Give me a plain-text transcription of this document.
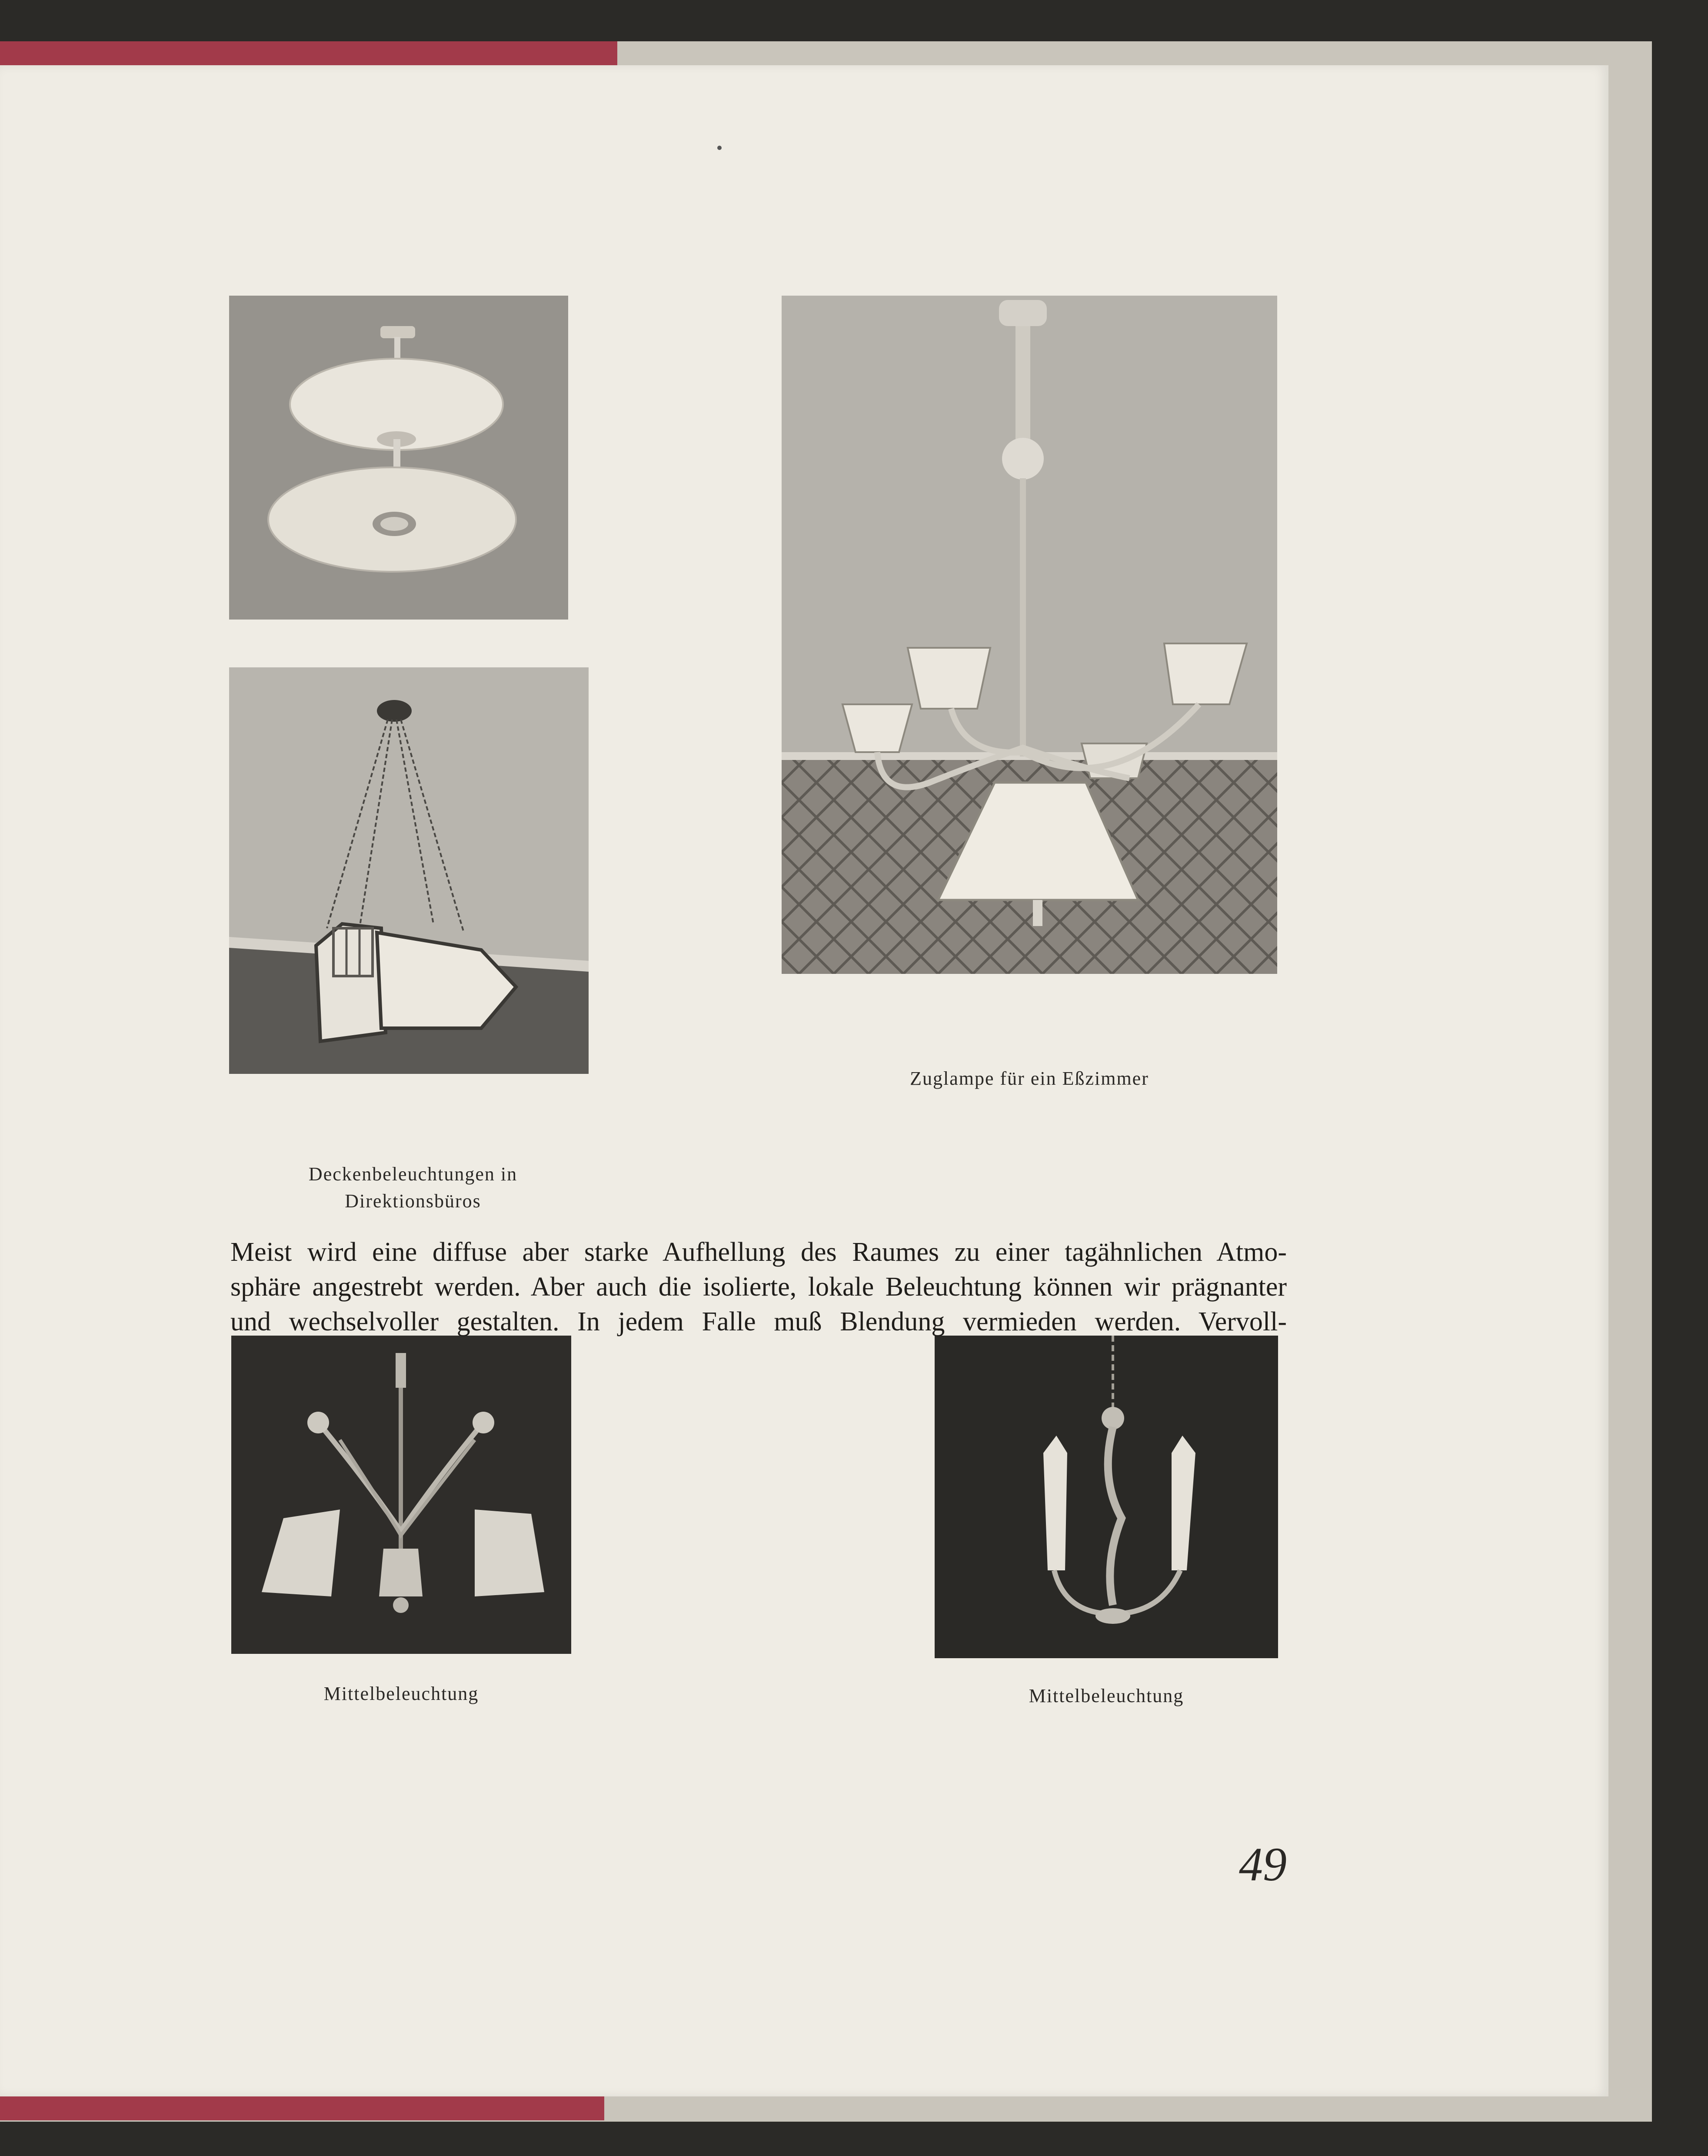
Deckenbeleuchtungen in
Direktionsbüros
Zuglampe für ein Eßzimmer
Meist wird eine diffuse aber starke Aufhellung des Raumes zu einer tagähnlichen Atmo-
sphäre angestrebt werden. Aber auch die isolierte, lokale Beleuchtung können wir prägnanter
und wechselvoller gestalten. In jedem Falle muß Blendung vermieden werden. Vervoll-
Mittelbeleuchtung	Mittelbeleuchtung
49
